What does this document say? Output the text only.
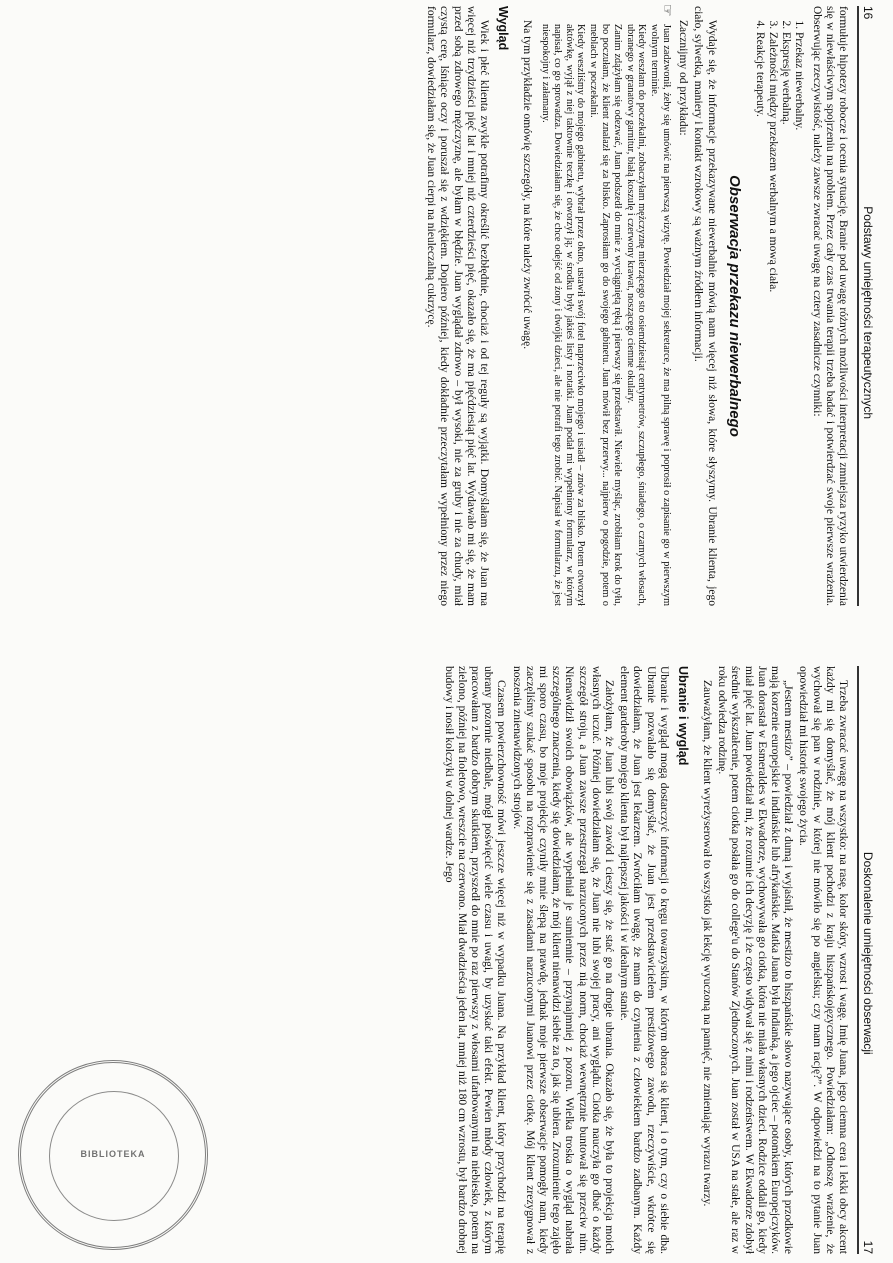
16
Podstawy umiejętności terapeutycznych

formułuje hipotezy robocze i ocenia sytuację. Branie pod uwagę różnych możliwości interpretacji zmniejsza ryzyko utwierdzenia się w niewłaściwym spojrzeniu na problem. Przez cały czas trwania terapii trzeba badać i potwierdzać swoje pierwsze wrażenia. Obserwując rzeczywistość, należy zawsze zwracać uwagę na cztery zasadnicze czynniki:

1. Przekaz niewerbalny.
2. Ekspresję werbalną.
3. Zależności między przekazem werbalnym a mową ciała.
4. Reakcje terapeuty.
Obserwacja przekazu niewerbalnego

Wydaje się, że informacje przekazywane niewerbalnie mówią nam więcej niż słowa, które słyszymy. Ubranie klienta, jego ciało, sylwetka, maniery i kontakt wzrokowy są ważnym źródłem informacji.

Zacznijmy od przykładu:

☞

Juan zadzwonił, żeby się umówić na pierwszą wizytę. Powiedział mojej sekretarce, że ma pilną sprawę i poprosił o zapisanie go w pierwszym wolnym terminie.

Kiedy weszłam do poczekalni, zobaczyłam mężczyznę mierzącego sto osiemdziesiąt centymetrów, szczupłego, śniadego, o czarnych włosach, ubranego w granatowy garnitur, białą koszulę i czerwony krawat, noszącego ciemne okulary.

Zanim zdążyłam się odezwać, Juan podszedł do mnie z wyciągniętą ręką i pierwszy się przedstawił. Niewiele myśląc, zrobiłam krok do tyłu, bo poczułam, że klient znalazł się za blisko. Zaprosiłam go do swojego gabinetu. Juan mówił bez przerwy... najpierw o pogodzie, potem o meblach w poczekalni.

Kiedy weszliśmy do mojego gabinetu, wybrał przez okno, ustawił swój fotel naprzeciwko mojego i usiadł – znów za blisko. Potem otworzył aktówkę, wyjął z niej taktownie teczkę i otworzył ją; w środku były jakieś listy i notatki. Juan podał mi wypełniony formularz, w którym napisał, co go sprowadza. Dowiedziałam się, że chce odejść od żony i dwójki dzieci, ale nie potrafi tego zrobić. Napisał w formularzu, że jest niespokojny i załamany.

Na tym przykładzie omówię szczegóły, na które należy zwrócić uwagę.

Wygląd

Wiek i płeć klienta zwykle potrafimy określić bezbłędnie, chociaż i od tej reguły są wyjątki. Domyślałam się, że Juan ma więcej niż trzydzieści pięć lat i mniej niż czterdzieści pięć, okazało się, że ma pięćdziesiąt pięć lat. Wydawało mi się, że mam przed sobą zdrowego mężczyznę, ale byłam w błędzie. Juan wyglądał zdrowo – był wysoki, nie za gruby i nie za chudy, miał czystą cerę, lśniące oczy i poruszał się z wdziękiem. Dopiero później, kiedy dokładnie przeczytałam wypełniony przez niego formularz, dowiedziałam się, że Juan cierpi na nieuleczalną cukrzycę.

Doskonalenie umiejętności obserwacji
17

Trzeba zwracać uwagę na wszystko: na rasę, kolor skóry, wzrost i wagę. Imię Juana, jego ciemna cera i lekki obcy akcent każdy mi się domyślać, że mój klient pochodzi z kraju hiszpańskojęzycznego. Powiedziałam: „Odnoszę wrażenie, że wychował się pan w rodzinie, w której nie mówiło się po angielsku; czy mam rację?”. W odpowiedzi na to pytanie Juan opowiedział mi historię swojego życia.

„Jestem mestizo” – powiedział z dumą i wyjaśnił, że mestizo to hiszpańskie słowo nazywające osoby, których przodkowie mają korzenie europejskie i indiańskie lub afrykańskie. Matka Juana była Indianką, a jego ojciec – potomkiem Europejczyków. Juan dorastał w Esmeraldes w Ekwadorze, wychowywała go ciotka, która nie miała własnych dzieci. Rodzice oddali go, kiedy miał pięć lat. Juan powiedział mi, że rozumie ich decyzję i że często widywał się z nimi i rodzeństwem. W Ekwadorze zdobył średnie wykształcenie, potem ciotka posłała go do college'u do Stanów Zjednoczonych. Juan został w USA na stałe, ale raz w roku odwiedza rodzinę.

Zauważyłam, że klient wyreżyserował to wszystko jak lekcję wyuczoną na pamięć, nie zmieniając wyrazu twarzy.

Ubranie i wygląd

Ubranie i wygląd mogą dostarczyć informacji o kręgu towarzyskim, w którym obraca się klient, i o tym, czy o siebie dba. Ubranie pozwalało się domyślać, że Juan jest przedstawicielem prestiżowego zawodu, rzeczywiście, wkrótce się dowiedziałam, że Juan jest lekarzem. Zwróciłam uwagę, że mam do czynienia z człowiekiem bardzo zadbanym. Każdy element garderoby mojego klienta był najlepszej jakości i w idealnym stanie.

Założyłam, że Juan lubi swój zawód i cieszy się, że stać go na drogie ubrania. Okazało się, że była to projekcja moich własnych uczuć. Później dowiedziałam się, że Juan nie lubi swojej pracy, ani wyglądu. Ciotka nauczyła go dbać o każdy szczegół stroju, a Juan zawsze przestrzegał narzuconych przez nią norm, chociaż wewnętrznie buntował się przeciw nim. Nienawidził swoich obowiązków, ale wypełniał je sumiennie – przynajmniej z pozoru. Wielka troska o wygląd nabrała szczególnego znaczenia, kiedy się dowiedziałam, że mój klient nienawidzi siebie za to, jak się ubiera. Zrozumienie tego zajęło mi sporo czasu, bo moje projekcje czyniły mnie ślepą na prawdę, jednak moje pierwsze obserwacje pomogły nam, kiedy zaczęliśmy szukać sposobu na rozprawienie się z zasadami narzuconymi Juanowi przez ciotkę. Mój klient zrezygnował z noszenia znienawidzonych strojów.

Czasem powierzchowność mówi jeszcze więcej niż w wypadku Juana. Na przykład klient, który przychodzi na terapię ubrany pozornie niedbale, mógł poświęcić wiele czasu i uwagi, by uzyskać taki efekt. Pewien młody człowiek, z którym pracowałam z bardzo dobrym skutkiem, przyszedł do mnie po raz pierwszy z włosami ufarbowanymi na niebiesko, potem na zielono, później na fioletowo, wreszcie na czerwono. Miał dwadzieścia jeden lat, mniej niż 180 cm wzrostu, był bardzo drobnej budowy i nosił kolczyki w dolnej wardze. Jego

BIBLIOTEKA
